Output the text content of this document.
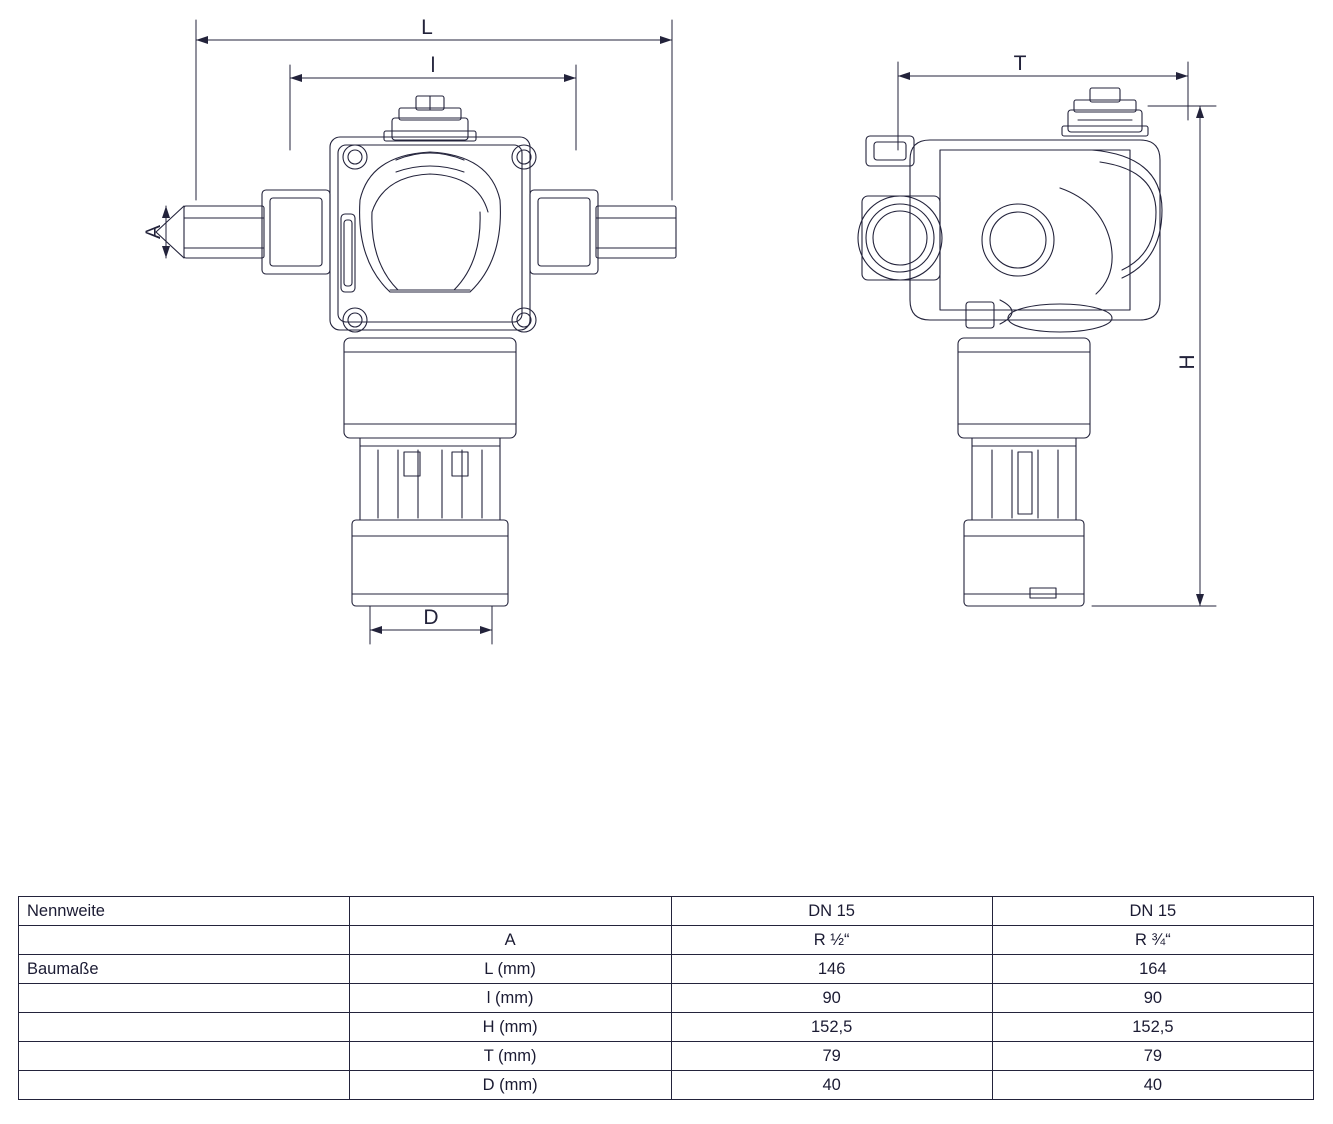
L
l
A
D
T
H
Nennweite		DN 15	DN 15
	A	R ½“	R ¾“
Baumaße	L (mm)	146	164
	l (mm)	90	90
	H (mm)	152,5	152,5
	T (mm)	79	79
	D (mm)	40	40
